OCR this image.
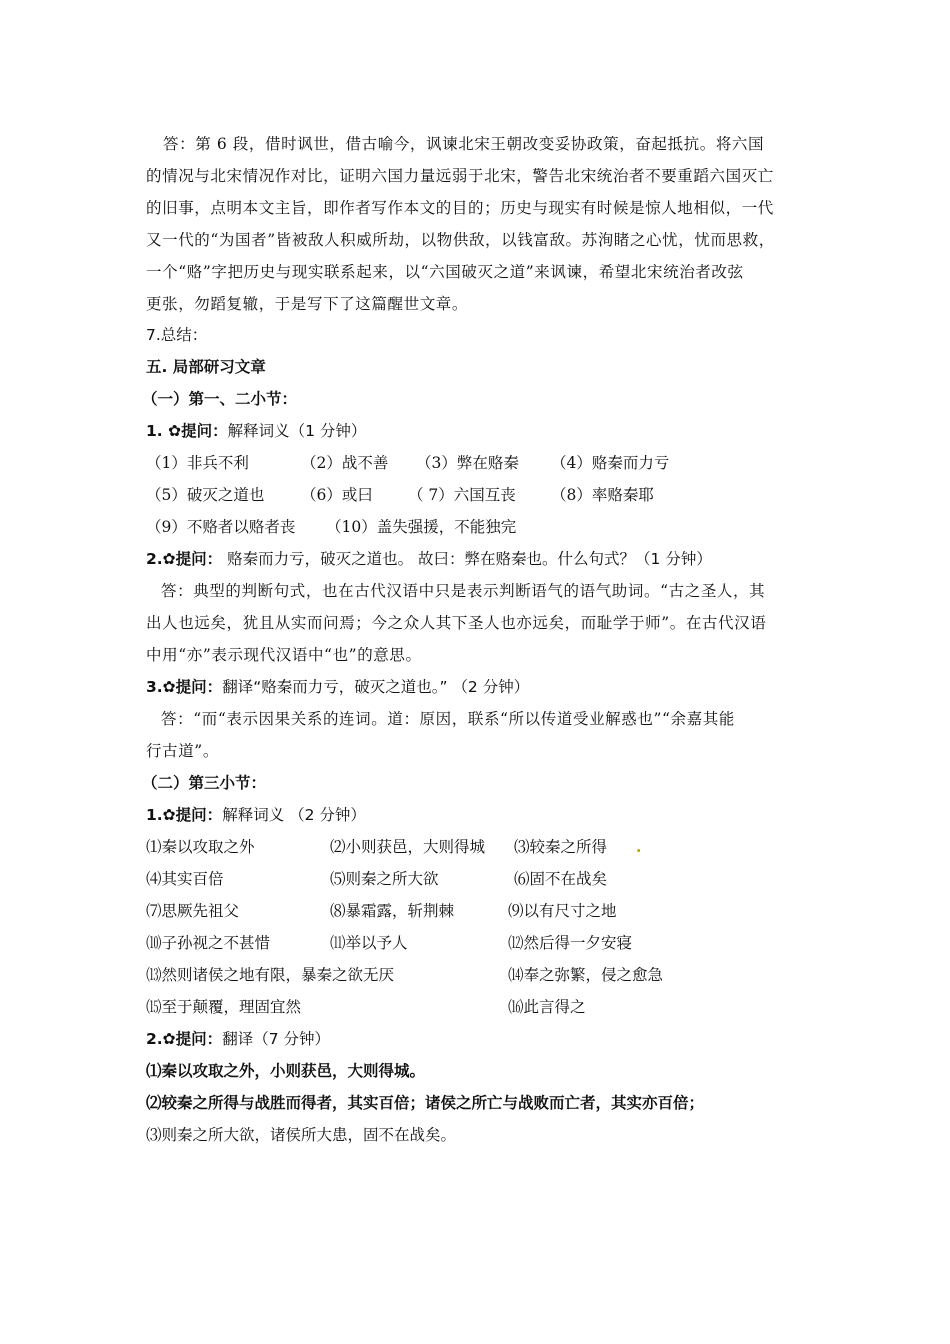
答：第 6 段，借时讽世，借古喻今，讽谏北宋王朝改变妥协政策，奋起抵抗。将六国
的情况与北宋情况作对比，证明六国力量远弱于北宋，警告北宋统治者不要重蹈六国灭亡
的旧事，点明本文主旨，即作者写作本文的目的；历史与现实有时候是惊人地相似，一代
又一代的“为国者”皆被敌人积威所劫，以物供敌，以钱富敌。苏洵睹之心忧，忧而思救，
一个“赂”字把历史与现实联系起来，以“六国破灭之道”来讽谏，希望北宋统治者改弦
更张，勿蹈复辙，于是写下了这篇醒世文章。
7.总结：
五. 局部研习文章
（一）第一、二小节：
1. ✿提问：解释词义（1 分钟）
（1）非兵不利	（2）战不善 （3）弊在赂秦 （4）赂秦而力亏
（5）破灭之道也 （6）或曰 （ 7）六国互丧 （8）率赂秦耶
（9）不赂者以赂者丧 （10）盖失强援，不能独完
2.✿提问： 赂秦而力亏，破灭之道也。 故曰：弊在赂秦也。什么句式？（1 分钟）
答：典型的判断句式，也在古代汉语中只是表示判断语气的语气助词。“古之圣人，其
出人也远矣，犹且从实而问焉；今之众人其下圣人也亦远矣，而耻学于师”。在古代汉语
中用“亦”表示现代汉语中“也”的意思。
3.✿提问：翻译“赂秦而力亏，破灭之道也。” （2 分钟）
答：“而“表示因果关系的连词。道：原因，联系“所以传道受业解惑也”“余嘉其能
行古道”。
（二）第三小节：
1.✿提问：解释词义 （2 分钟）
⑴秦以攻取之外	⑵小则获邑，大则得城 ⑶较秦之所得 .
⑷其实百倍	⑸则秦之所大欲	⑹固不在战矣
⑺思厥先祖父	⑻暴霜露，斩荆棘	⑼以有尺寸之地
⑽子孙视之不甚惜	⑾举以予人	⑿然后得一夕安寝
⒀然则诸侯之地有限，暴秦之欲无厌	⒁奉之弥繁，侵之愈急
⒂至于颠覆，理固宜然	⒃此言得之
2.✿提问：翻译（7 分钟）
⑴秦以攻取之外，小则获邑，大则得城。
⑵较秦之所得与战胜而得者，其实百倍；诸侯之所亡与战败而亡者，其实亦百倍；
⑶则秦之所大欲，诸侯所大患，固不在战矣。
